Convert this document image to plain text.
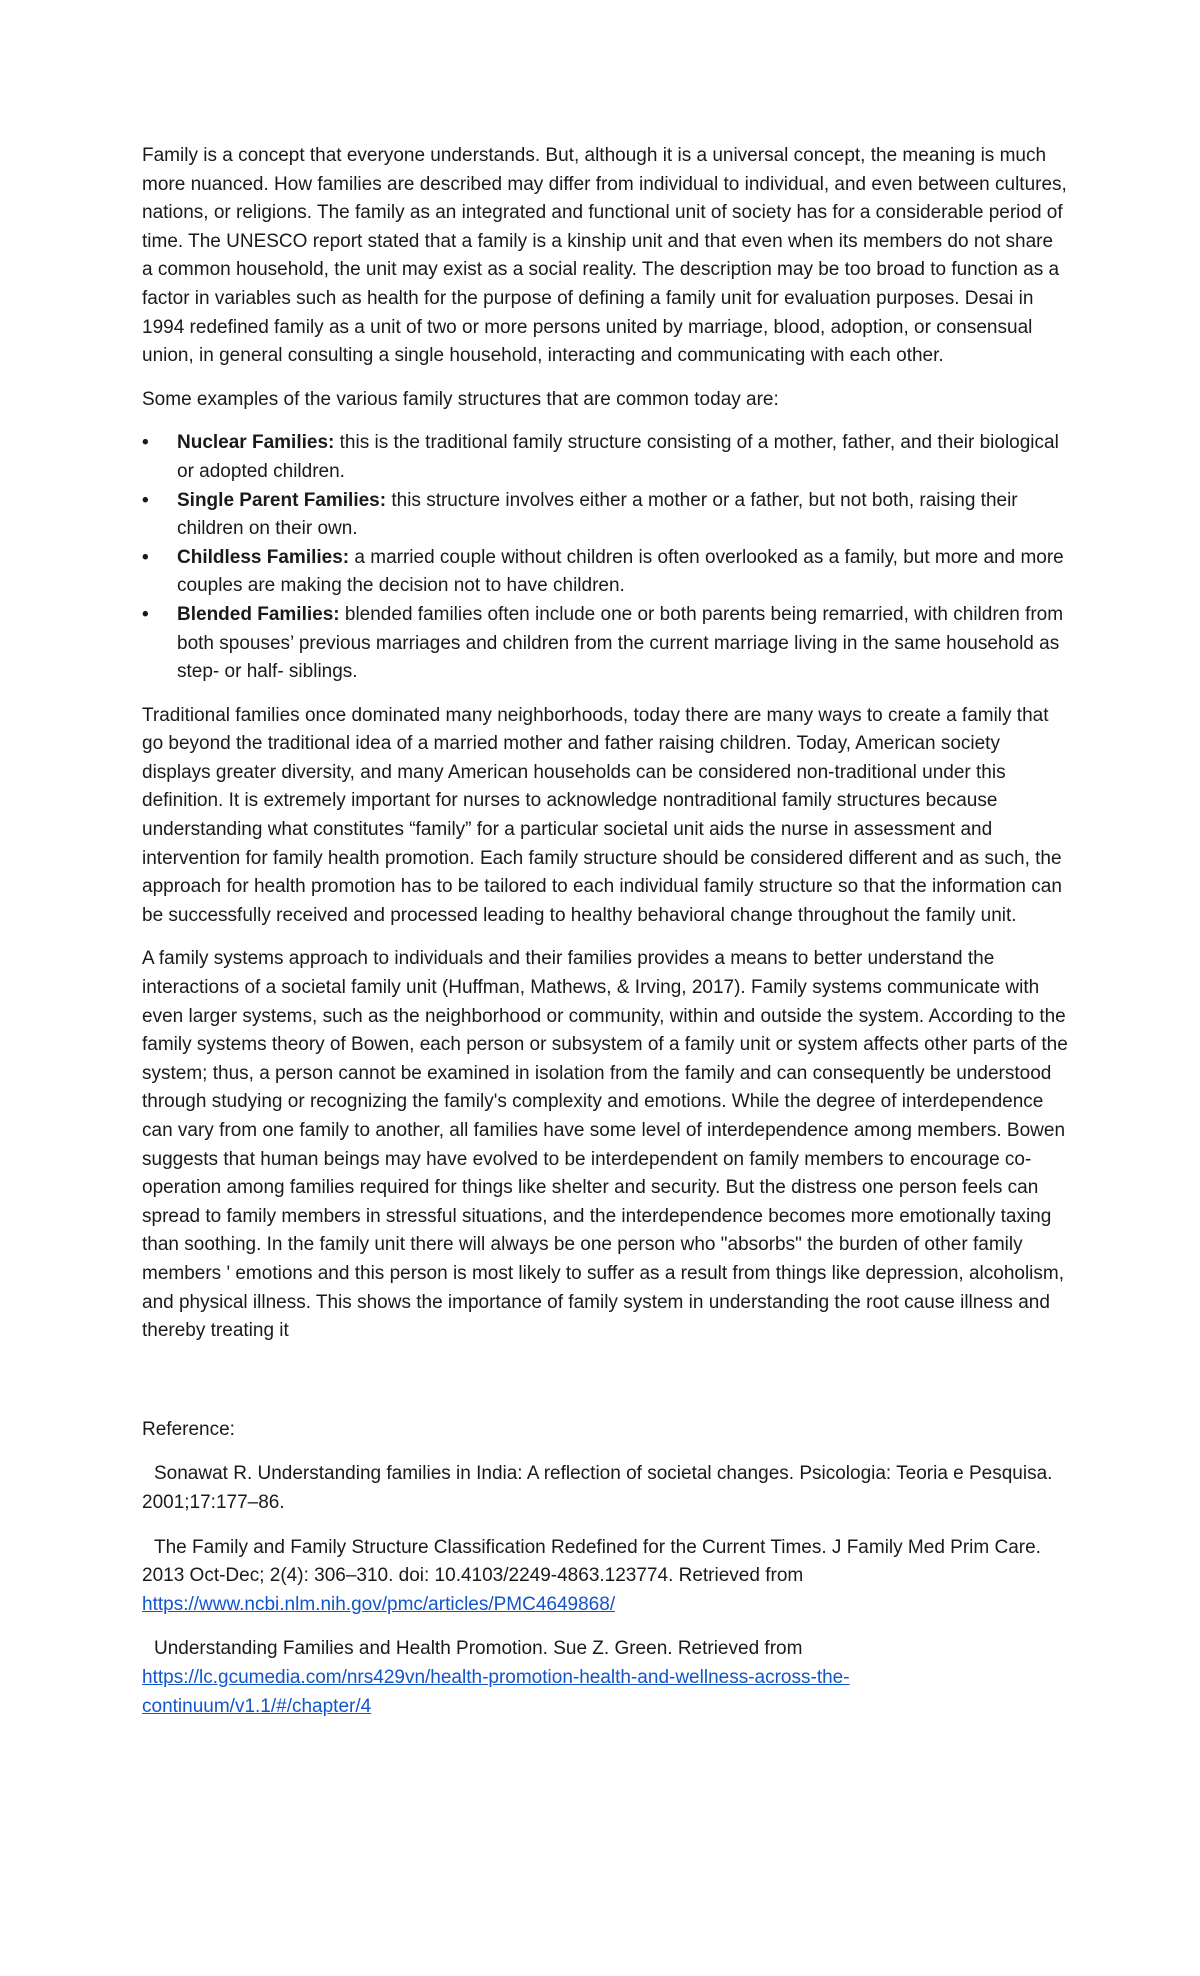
Family is a concept that everyone understands. But, although it is a universal concept, the meaning is much more nuanced. How families are described may differ from individual to individual, and even between cultures, nations, or religions. The family as an integrated and functional unit of society has for a considerable period of time. The UNESCO report stated that a family is a kinship unit and that even when its members do not share a common household, the unit may exist as a social reality. The description may be too broad to function as a factor in variables such as health for the purpose of defining a family unit for evaluation purposes. Desai in 1994 redefined family as a unit of two or more persons united by marriage, blood, adoption, or consensual union, in general consulting a single household, interacting and communicating with each other.

Some examples of the various family structures that are common today are:

• Nuclear Families: this is the traditional family structure consisting of a mother, father, and their biological or adopted children.
• Single Parent Families: this structure involves either a mother or a father, but not both, raising their children on their own.
• Childless Families: a married couple without children is often overlooked as a family, but more and more couples are making the decision not to have children.
• Blended Families: blended families often include one or both parents being remarried, with children from both spouses’ previous marriages and children from the current marriage living in the same household as step- or half- siblings.

Traditional families once dominated many neighborhoods, today there are many ways to create a family that go beyond the traditional idea of a married mother and father raising children. Today, American society displays greater diversity, and many American households can be considered non-traditional under this definition. It is extremely important for nurses to acknowledge nontraditional family structures because understanding what constitutes “family” for a particular societal unit aids the nurse in assessment and intervention for family health promotion. Each family structure should be considered different and as such, the approach for health promotion has to be tailored to each individual family structure so that the information can be successfully received and processed leading to healthy behavioral change throughout the family unit.

A family systems approach to individuals and their families provides a means to better understand the interactions of a societal family unit (Huffman, Mathews, & Irving, 2017). Family systems communicate with even larger systems, such as the neighborhood or community, within and outside the system. According to the family systems theory of Bowen, each person or subsystem of a family unit or system affects other parts of the system; thus, a person cannot be examined in isolation from the family and can consequently be understood through studying or recognizing the family's complexity and emotions. While the degree of interdependence can vary from one family to another, all families have some level of interdependence among members. Bowen suggests that human beings may have evolved to be interdependent on family members to encourage co-operation among families required for things like shelter and security. But the distress one person feels can spread to family members in stressful situations, and the interdependence becomes more emotionally taxing than soothing. In the family unit there will always be one person who "absorbs" the burden of other family members ' emotions and this person is most likely to suffer as a result from things like depression, alcoholism, and physical illness. This shows the importance of family system in understanding the root cause illness and thereby treating it

Reference:
Sonawat R. Understanding families in India: A reflection of societal changes. Psicologia: Teoria e Pesquisa. 2001;17:177–86.
The Family and Family Structure Classification Redefined for the Current Times. J Family Med Prim Care. 2013 Oct-Dec; 2(4): 306–310. doi: 10.4103/2249-4863.123774. Retrieved from https://www.ncbi.nlm.nih.gov/pmc/articles/PMC4649868/
Understanding Families and Health Promotion. Sue Z. Green. Retrieved from https://lc.gcumedia.com/nrs429vn/health-promotion-health-and-wellness-across-the-continuum/v1.1/#/chapter/4
